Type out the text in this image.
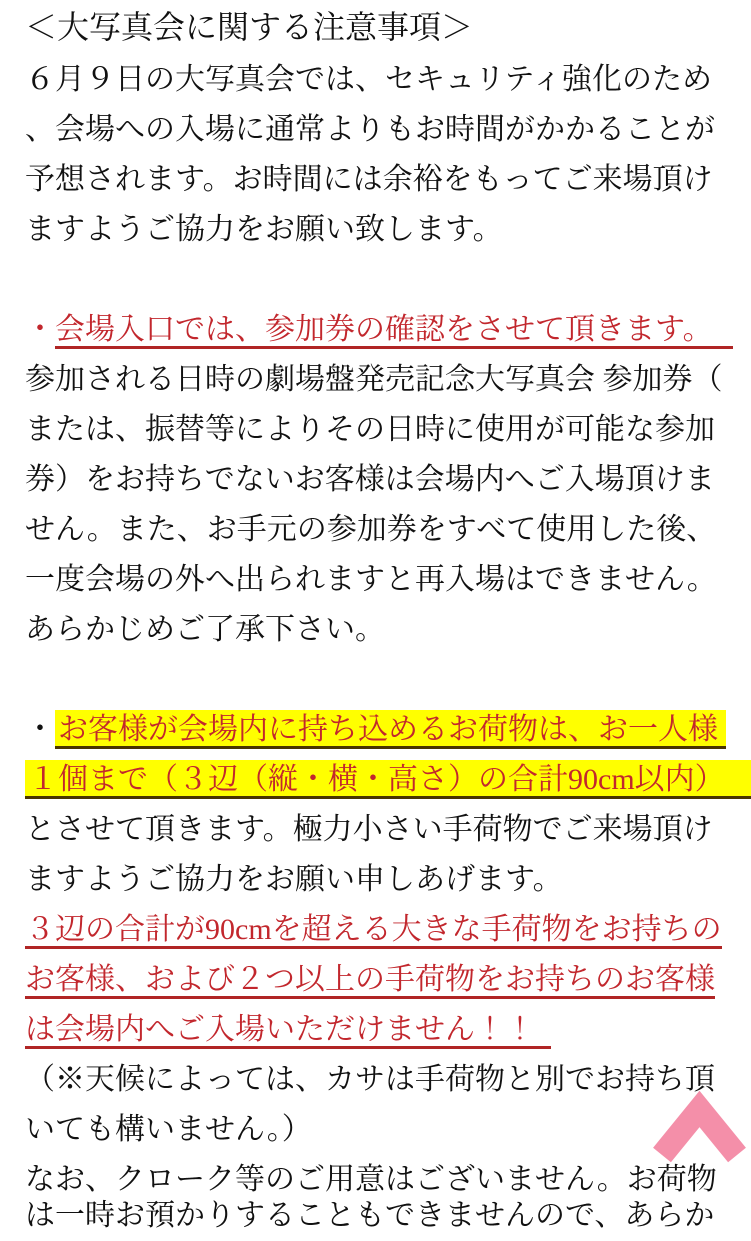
＜大写真会に関する注意事項＞
６月９日の大写真会では、セキュリティ強化のため
、会場への入場に通常よりもお時間がかかることが
予想されます。お時間には余裕をもってご来場頂け
ますようご協力をお願い致します。
・会場入口では、参加券の確認をさせて頂きます。
参加される日時の劇場盤発売記念大写真会 参加券（
または、振替等によりその日時に使用が可能な参加
券）をお持ちでないお客様は会場内へご入場頂けま
せん。また、お手元の参加券をすべて使用した後、
一度会場の外へ出られますと再入場はできません。
あらかじめご了承下さい。
・ お客様が会場内に持ち込めるお荷物は、お一人様
１個まで（３辺（縦・横・高さ）の合計90cm以内）
とさせて頂きます。極力小さい手荷物でご来場頂け
ますようご協力をお願い申しあげます。
３辺の合計が90cmを超える大きな手荷物をお持ちの
お客様、および２つ以上の手荷物をお持ちのお客様
は会場内へご入場いただけません！！
（※天候によっては、カサは手荷物と別でお持ち頂
いても構いません。）
なお、クローク等のご用意はございません。お荷物
は一時お預かりすることもできませんので、あらか
